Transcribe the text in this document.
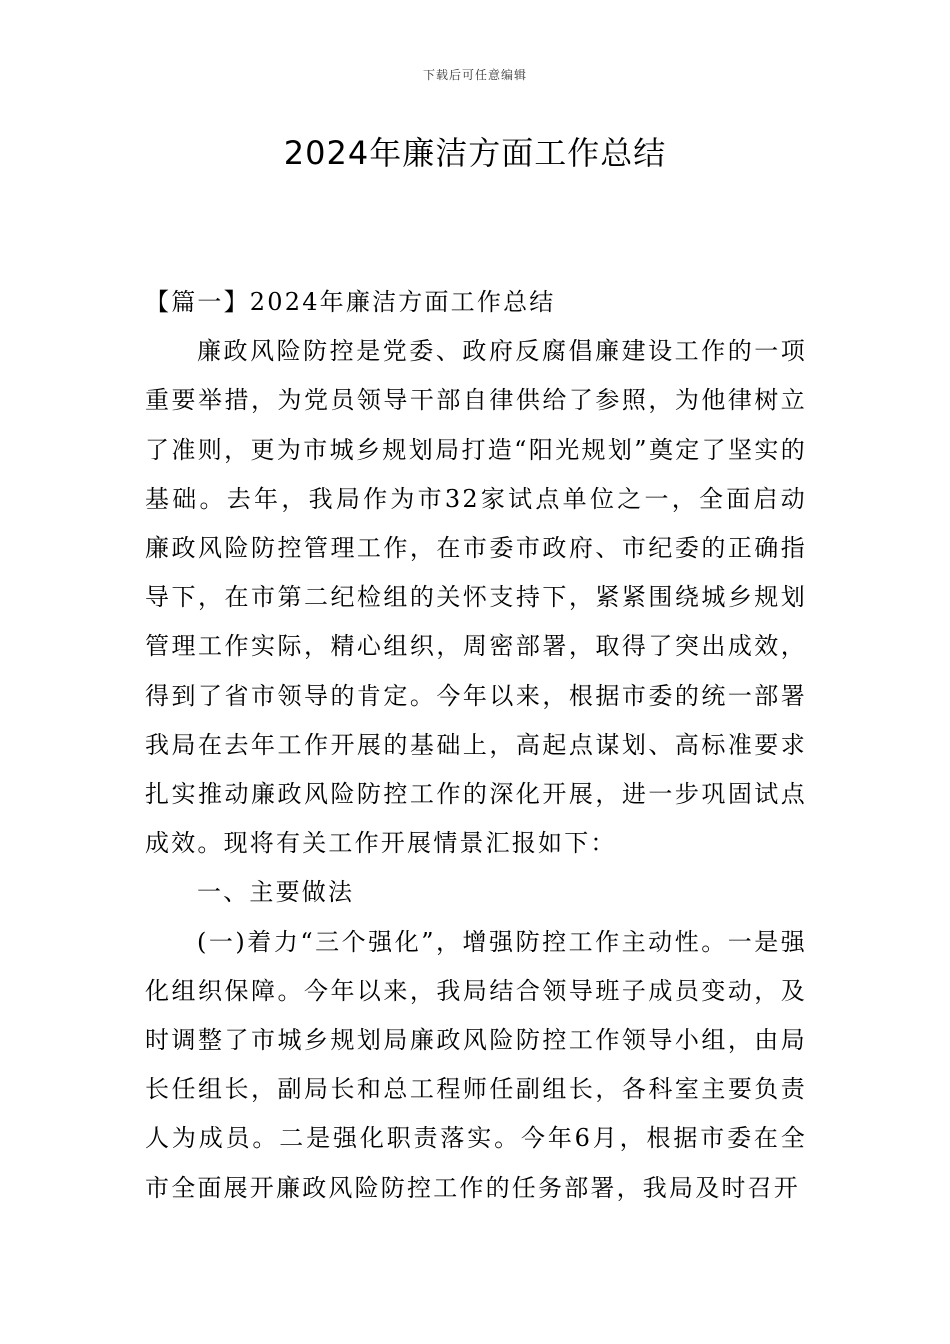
下载后可任意编辑
2024年廉洁方面工作总结

【篇一】2024年廉洁方面工作总结

廉政风险防控是党委、政府反腐倡廉建设工作的一项重要举措，为党员领导干部自律供给了参照，为他律树立了准则，更为市城乡规划局打造“阳光规划”奠定了坚实的基础。去年，我局作为市32家试点单位之一，全面启动廉政风险防控管理工作，在市委市政府、市纪委的正确指导下，在市第二纪检组的关怀支持下，紧紧围绕城乡规划管理工作实际，精心组织，周密部署，取得了突出成效，得到了省市领导的肯定。今年以来，根据市委的统一部署我局在去年工作开展的基础上，高起点谋划、高标准要求扎实推动廉政风险防控工作的深化开展，进一步巩固试点成效。现将有关工作开展情景汇报如下：

一、主要做法

(一)着力“三个强化”，增强防控工作主动性。一是强化组织保障。今年以来，我局结合领导班子成员变动，及时调整了市城乡规划局廉政风险防控工作领导小组，由局长任组长，副局长和总工程师任副组长，各科室主要负责人为成员。二是强化职责落实。今年6月，根据市委在全市全面展开廉政风险防控工作的任务部署，我局及时召开
